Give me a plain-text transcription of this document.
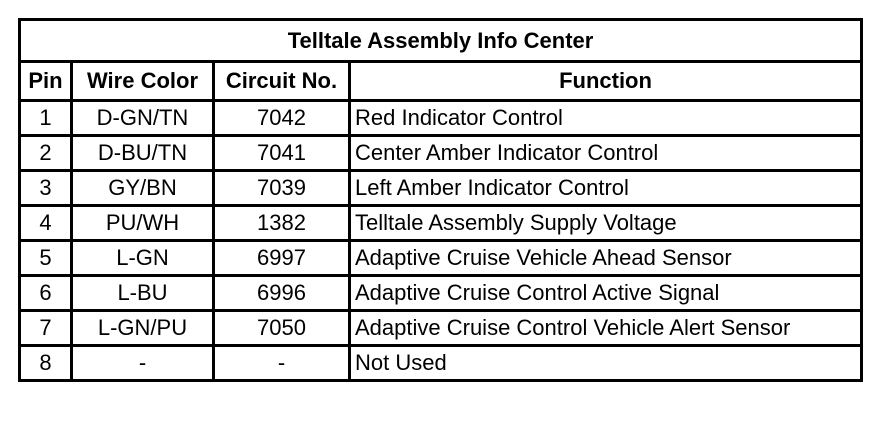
Telltale Assembly Info Center			
Pin	Wire Color	Circuit No.	Function
1	D-GN/TN	7042	Red Indicator Control
2	D-BU/TN	7041	Center Amber Indicator Control
3	GY/BN	7039	Left Amber Indicator Control
4	PU/WH	1382	Telltale Assembly Supply Voltage
5	L-GN	6997	Adaptive Cruise Vehicle Ahead Sensor
6	L-BU	6996	Adaptive Cruise Control Active Signal
7	L-GN/PU	7050	Adaptive Cruise Control Vehicle Alert Sensor
8	-	-	Not Used
